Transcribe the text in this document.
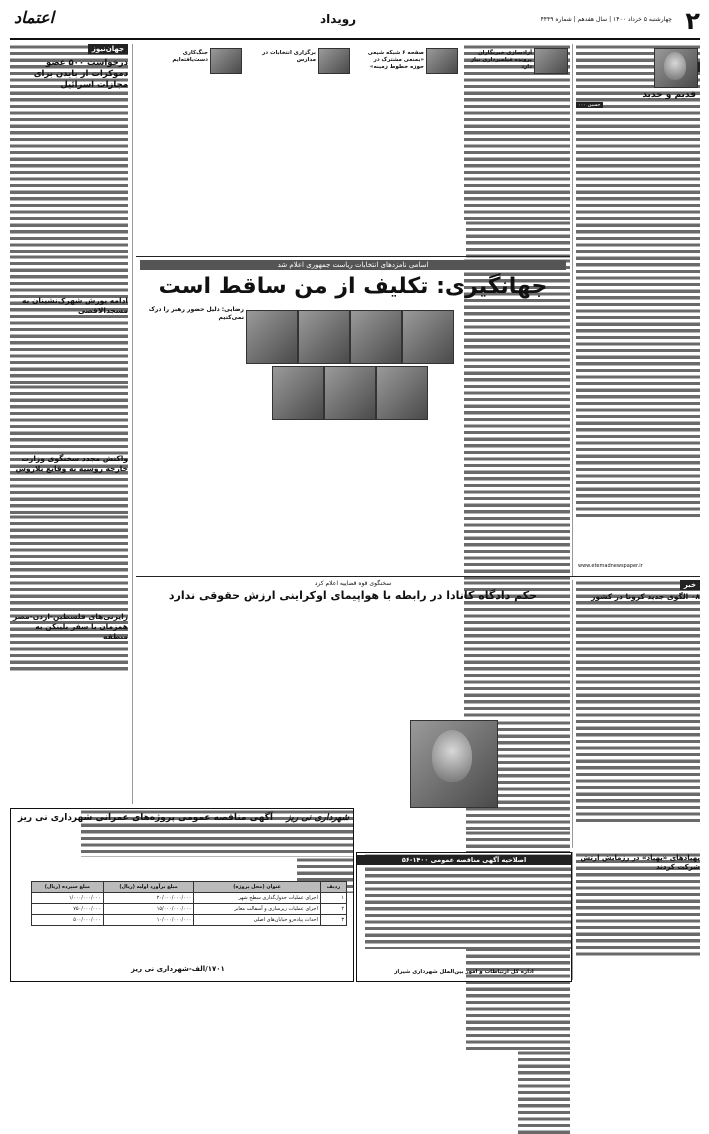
۲
چهارشنبه ۵ خرداد ۱۴۰۰ | سال هفدهم | شماره ۴۴۴۹
رویداد
اعتماد
قدیم و جدید
حسین ۰۰۰
www.etemadnewspaper.ir
جهان‌نیوز
درخواست ۵۰۰ عضو دموکرات از بایدن برای مجازات اسرائیل
ادامه یورش شهرک‌نشینان به مسجدالاقصی
واکنش مجدد سخنگوی وزارت خارجه روسیه به وقایع بلاروس
رایزنی‌های فلسطین-اردن-مصر همزمان با سفر بلینکن به منطقه
آزادسازی خبرنگاران پرونده فیلمبرداری نیاز دارد
صفحه ۶ شبکه شیعی «بمنعی مشترک در حوزه خطوط زمینه»
برگزاری انتخابات در مدارس
جنگ‌کاری دست‌یافته‌ایم
اسامی نامزدهای انتخابات ریاست جمهوری اعلام شد
جهانگیری: تکلیف از من ساقط است
رضایی: دلیل حضور رهبر را درک نمی‌کنیم
خبر
۰۸ الگوی جدید کرونا در کشور
سخنگوی قوه قضاییه اعلام کرد
حکم دادگاه کانادا در رابطه با هواپیمای اوکراینی ارزش حقوقی ندارد
شهرداری نی ریز
آگهی مناقصه عمومی پروژه‌های عمرانی شهرداری نی ریز
ردیف	عنوان (محل پروژه)	مبلغ برآورد اولیه (ریال)	مبلغ سپرده (ریال)
۱	اجرای عملیات جدول‌گذاری سطح شهر	۲۰/۰۰۰/۰۰۰/۰۰۰	۱/۰۰۰/۰۰۰/۰۰۰
۲	اجرای عملیات زیرسازی و آسفالت معابر	۱۵/۰۰۰/۰۰۰/۰۰۰	۷۵۰/۰۰۰/۰۰۰
۳	احداث پیاده‌رو خیابان‌های اصلی	۱۰/۰۰۰/۰۰۰/۰۰۰	۵۰۰/۰۰۰/۰۰۰
۱۷۰۱/الف-شهرداری نی ریز
اصلاحیه آگهی مناقصه عمومی ۱۴۰۰-۵۶
اداره کل ارتباطات و امور بین‌الملل شهرداری شیراز
پهپادهای «پهپاد» در رزمایش ارتش شرکت کردند
